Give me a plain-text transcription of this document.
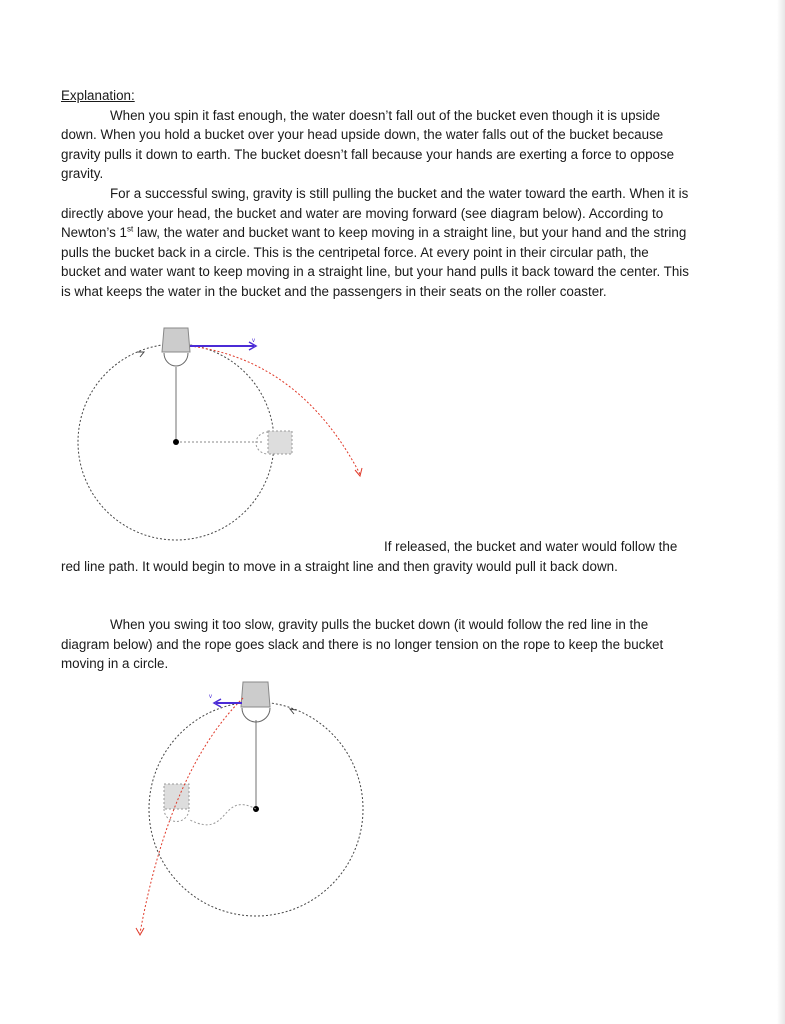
Explanation:

When you spin it fast enough, the water doesn’t fall out of the bucket even though it is upside down. When you hold a bucket over your head upside down, the water falls out of the bucket because gravity pulls it down to earth. The bucket doesn’t fall because your hands are exerting a force to oppose gravity.

For a successful swing, gravity is still pulling the bucket and the water toward the earth. When it is directly above your head, the bucket and water are moving forward (see diagram below). According to Newton’s 1st law, the water and bucket want to keep moving in a straight line, but your hand and the string pulls the bucket back in a circle. This is the centripetal force. At every point in their circular path, the bucket and water want to keep moving in a straight line, but your hand pulls it back toward the center. This is what keeps the water in the bucket and the passengers in their seats on the roller coaster.

v

If released, the bucket and water would follow the red line path. It would begin to move in a straight line and then gravity would pull it back down.

When you swing it too slow, gravity pulls the bucket down (it would follow the red line in the diagram below) and the rope goes slack and there is no longer tension on the rope to keep the bucket moving in a circle.

v
